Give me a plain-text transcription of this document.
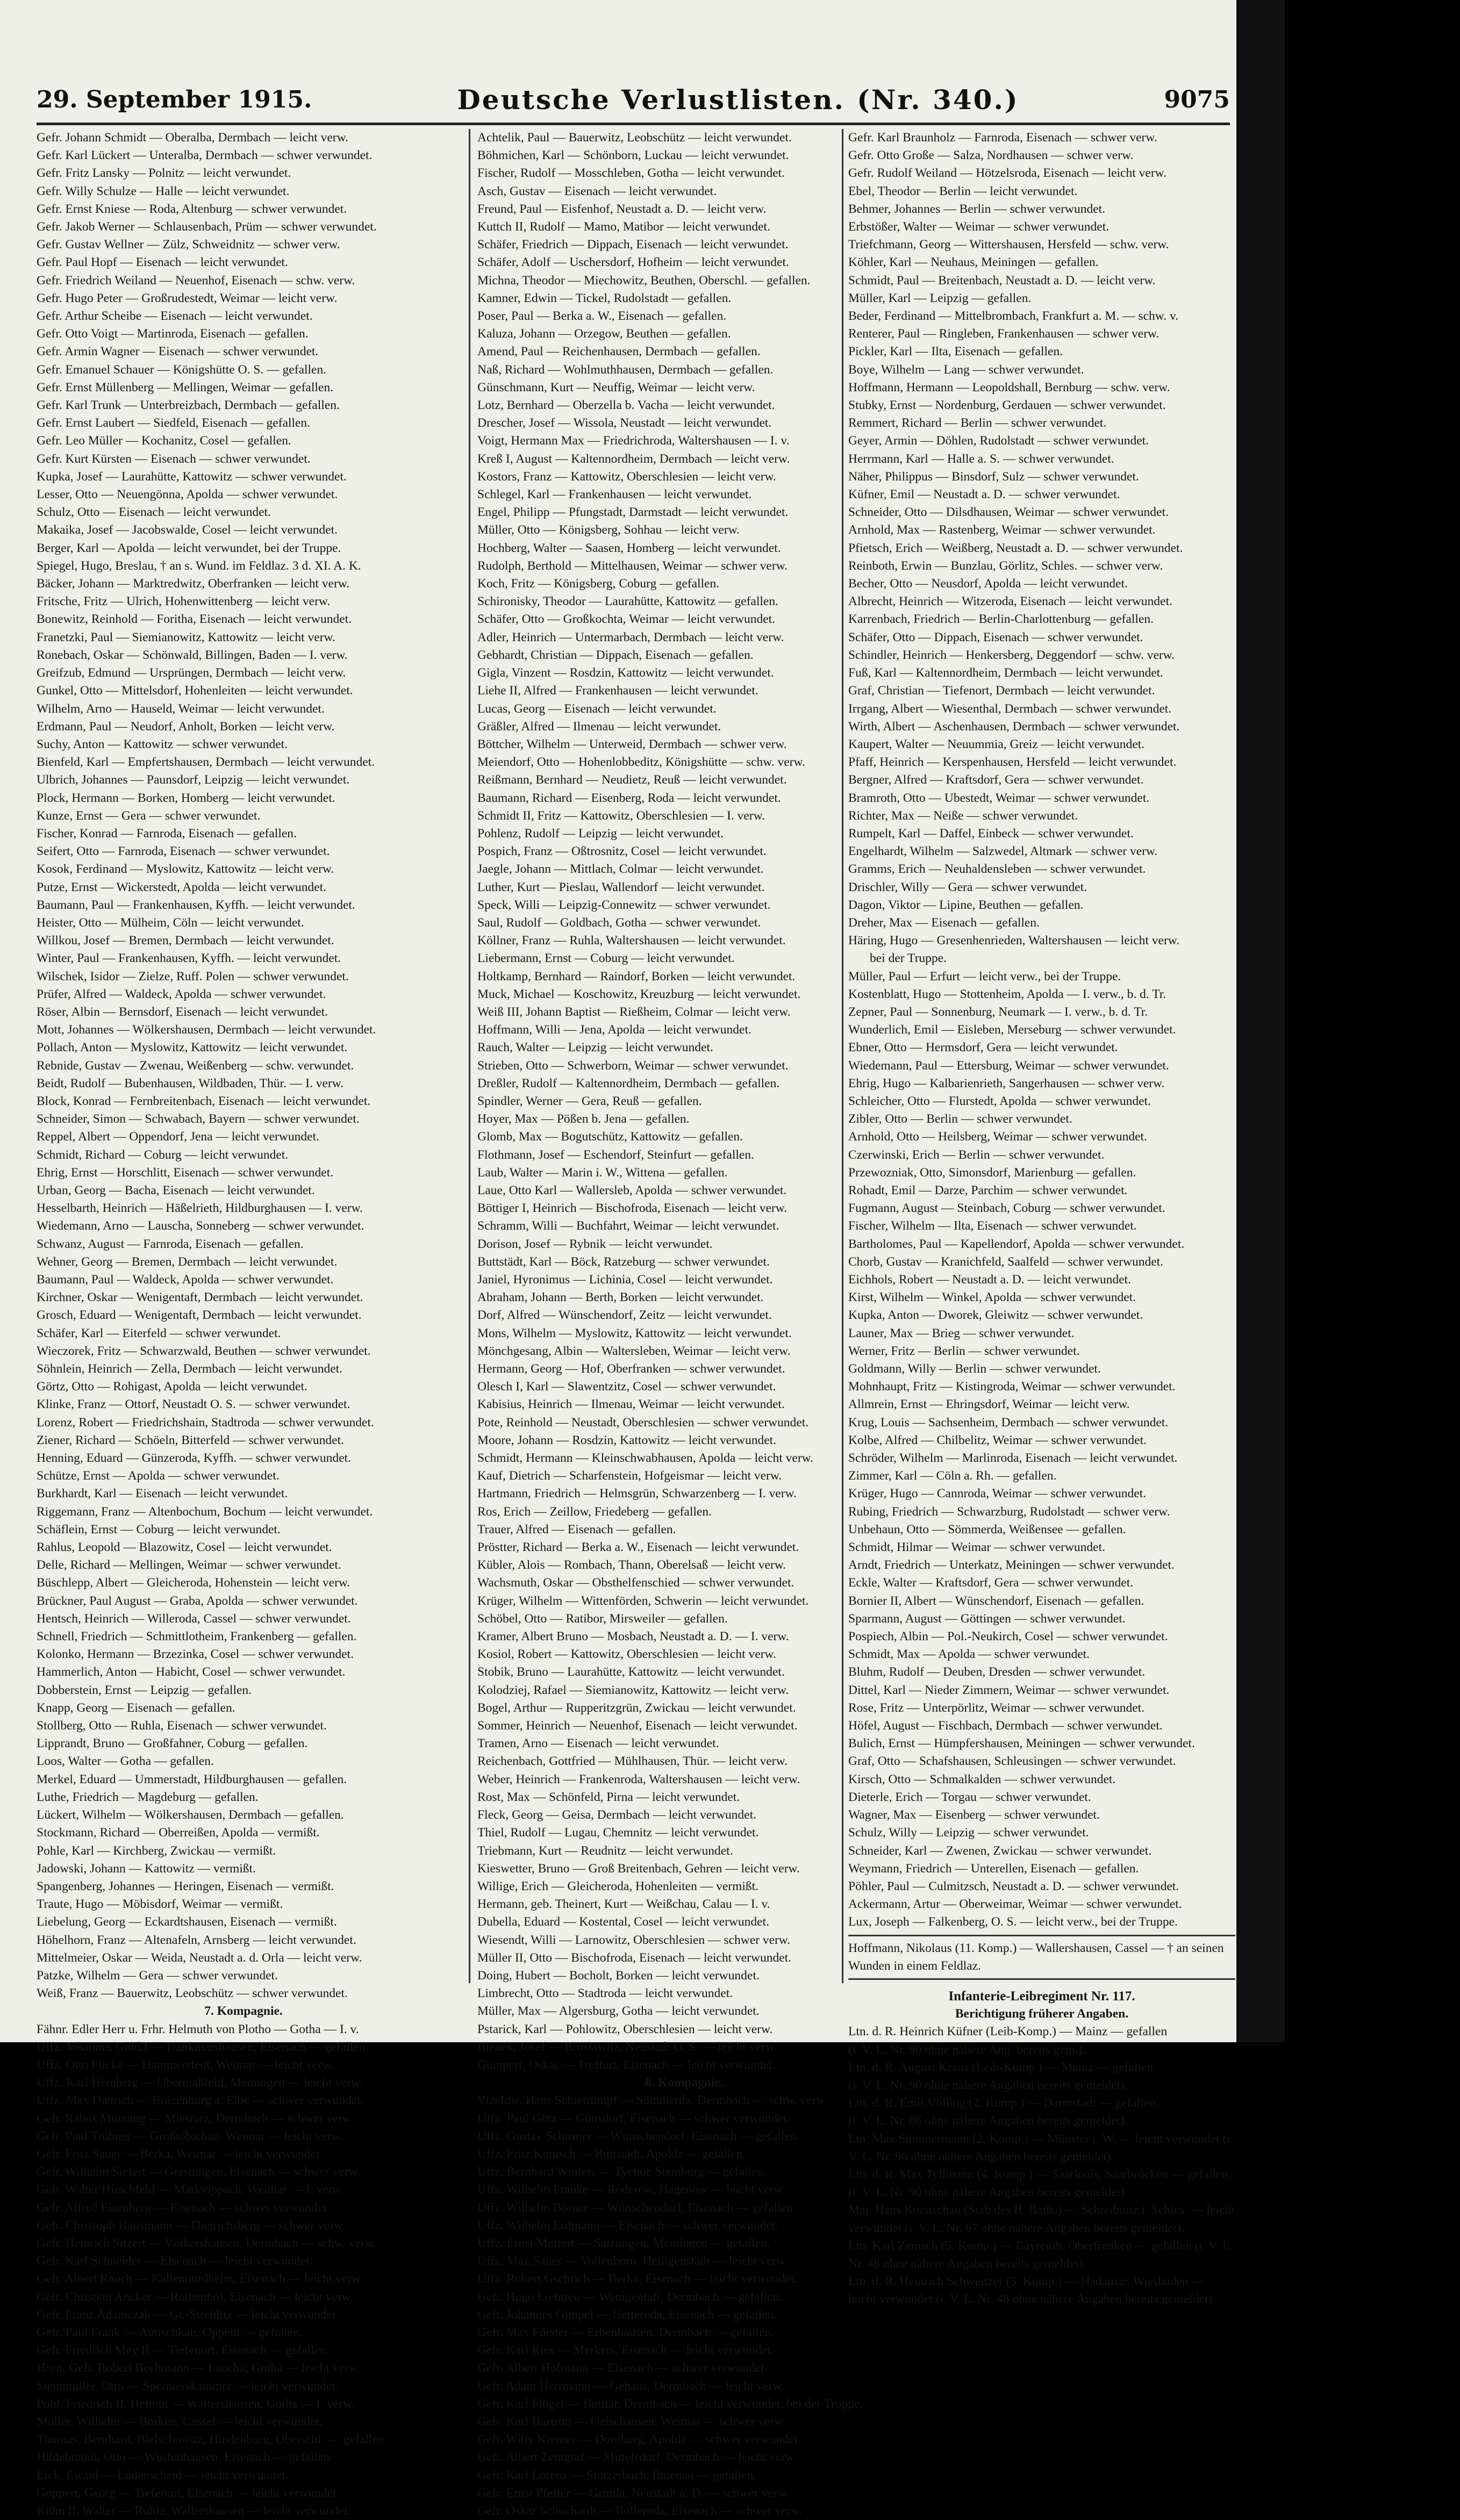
29. September 1915.	Deutsche Verlustlisten. (Nr. 340.)	9075
Gefr. Johann Schmidt — Oberalba, Dermbach — leicht verw.
Gefr. Karl Lückert — Unteralba, Dermbach — schwer verwundet.
Gefr. Fritz Lansky — Polnitz — leicht verwundet.
Gefr. Willy Schulze — Halle — leicht verwundet.
Gefr. Ernst Kniese — Roda, Altenburg — schwer verwundet.
Gefr. Jakob Werner — Schlausenbach, Prüm — schwer verwundet.
Gefr. Gustav Wellner — Zülz, Schweidnitz — schwer verw.
Gefr. Paul Hopf — Eisenach — leicht verwundet.
Gefr. Friedrich Weiland — Neuenhof, Eisenach — schw. verw.
Gefr. Hugo Peter — Großrudestedt, Weimar — leicht verw.
Gefr. Arthur Scheibe — Eisenach — leicht verwundet.
Gefr. Otto Voigt — Martinroda, Eisenach — gefallen.
Gefr. Armin Wagner — Eisenach — schwer verwundet.
Gefr. Emanuel Schauer — Königshütte O. S. — gefallen.
Gefr. Ernst Müllenberg — Mellingen, Weimar — gefallen.
Gefr. Karl Trunk — Unterbreizbach, Dermbach — gefallen.
Gefr. Ernst Laubert — Siedfeld, Eisenach — gefallen.
Gefr. Leo Müller — Kochanitz, Cosel — gefallen.
Gefr. Kurt Kürsten — Eisenach — schwer verwundet.
Kupka, Josef — Laurahütte, Kattowitz — schwer verwundet.
Lesser, Otto — Neuengönna, Apolda — schwer verwundet.
Schulz, Otto — Eisenach — leicht verwundet.
Makaika, Josef — Jacobswalde, Cosel — leicht verwundet.
Berger, Karl — Apolda — leicht verwundet, bei der Truppe.
Spiegel, Hugo, Breslau, † an s. Wund. im Feldlaz. 3 d. XI. A. K.
Bäcker, Johann — Marktredwitz, Oberfranken — leicht verw.
Fritsche, Fritz — Ulrich, Hohenwittenberg — leicht verw.
Bonewitz, Reinhold — Foritha, Eisenach — leicht verwundet.
Franetzki, Paul — Siemianowitz, Kattowitz — leicht verw.
Ronebach, Oskar — Schönwald, Billingen, Baden — I. verw.
Greifzub, Edmund — Ursprüngen, Dermbach — leicht verw.
Gunkel, Otto — Mittelsdorf, Hohenleiten — leicht verwundet.
Wilhelm, Arno — Hauseld, Weimar — leicht verwundet.
Erdmann, Paul — Neudorf, Anholt, Borken — leicht verw.
Suchy, Anton — Kattowitz — schwer verwundet.
Bienfeld, Karl — Empfertshausen, Dermbach — leicht verwundet.
Ulbrich, Johannes — Paunsdorf, Leipzig — leicht verwundet.
Plock, Hermann — Borken, Homberg — leicht verwundet.
Kunze, Ernst — Gera — schwer verwundet.
Fischer, Konrad — Farnroda, Eisenach — gefallen.
Seifert, Otto — Farnroda, Eisenach — schwer verwundet.
Kosok, Ferdinand — Myslowitz, Kattowitz — leicht verw.
Putze, Ernst — Wickerstedt, Apolda — leicht verwundet.
Baumann, Paul — Frankenhausen, Kyffh. — leicht verwundet.
Heister, Otto — Mülheim, Cöln — leicht verwundet.
Willkou, Josef — Bremen, Dermbach — leicht verwundet.
Winter, Paul — Frankenhausen, Kyffh. — leicht verwundet.
Wilschek, Isidor — Zielze, Ruff. Polen — schwer verwundet.
Prüfer, Alfred — Waldeck, Apolda — schwer verwundet.
Röser, Albin — Bernsdorf, Eisenach — leicht verwundet.
Mott, Johannes — Wölkershausen, Dermbach — leicht verwundet.
Pollach, Anton — Myslowitz, Kattowitz — leicht verwundet.
Rebnide, Gustav — Zwenau, Weißenberg — schw. verwundet.
Beidt, Rudolf — Bubenhausen, Wildbaden, Thür. — I. verw.
Block, Konrad — Fernbreitenbach, Eisenach — leicht verwundet.
Schneider, Simon — Schwabach, Bayern — schwer verwundet.
Reppel, Albert — Oppendorf, Jena — leicht verwundet.
Schmidt, Richard — Coburg — leicht verwundet.
Ehrig, Ernst — Horschlitt, Eisenach — schwer verwundet.
Urban, Georg — Bacha, Eisenach — leicht verwundet.
Hesselbarth, Heinrich — Häßelrieth, Hildburghausen — I. verw.
Wiedemann, Arno — Lauscha, Sonneberg — schwer verwundet.
Schwanz, August — Farnroda, Eisenach — gefallen.
Wehner, Georg — Bremen, Dermbach — leicht verwundet.
Baumann, Paul — Waldeck, Apolda — schwer verwundet.
Kirchner, Oskar — Wenigentaft, Dermbach — leicht verwundet.
Grosch, Eduard — Wenigentaft, Dermbach — leicht verwundet.
Schäfer, Karl — Eiterfeld — schwer verwundet.
Wieczorek, Fritz — Schwarzwald, Beuthen — schwer verwundet.
Söhnlein, Heinrich — Zella, Dermbach — leicht verwundet.
Görtz, Otto — Rohigast, Apolda — leicht verwundet.
Klinke, Franz — Ottorf, Neustadt O. S. — schwer verwundet.
Lorenz, Robert — Friedrichshain, Stadtroda — schwer verwundet.
Ziener, Richard — Schöeln, Bitterfeld — schwer verwundet.
Henning, Eduard — Günzeroda, Kyffh. — schwer verwundet.
Schütze, Ernst — Apolda — schwer verwundet.
Burkhardt, Karl — Eisenach — leicht verwundet.
Riggemann, Franz — Altenbochum, Bochum — leicht verwundet.
Schäflein, Ernst — Coburg — leicht verwundet.
Rahlus, Leopold — Blazowitz, Cosel — leicht verwundet.
Delle, Richard — Mellingen, Weimar — schwer verwundet.
Büschlepp, Albert — Gleicheroda, Hohenstein — leicht verw.
Brückner, Paul August — Graba, Apolda — schwer verwundet.
Hentsch, Heinrich — Willeroda, Cassel — schwer verwundet.
Schnell, Friedrich — Schmittlotheim, Frankenberg — gefallen.
Kolonko, Hermann — Brzezinka, Cosel — schwer verwundet.
Hammerlich, Anton — Habicht, Cosel — schwer verwundet.
Dobberstein, Ernst — Leipzig — gefallen.
Knapp, Georg — Eisenach — gefallen.
Stollberg, Otto — Ruhla, Eisenach — schwer verwundet.
Lipprandt, Bruno — Großfahner, Coburg — gefallen.
Loos, Walter — Gotha — gefallen.
Merkel, Eduard — Ummerstadt, Hildburghausen — gefallen.
Luthe, Friedrich — Magdeburg — gefallen.
Lückert, Wilhelm — Wölkershausen, Dermbach — gefallen.
Stockmann, Richard — Oberreißen, Apolda — vermißt.
Pohle, Karl — Kirchberg, Zwickau — vermißt.
Jadowski, Johann — Kattowitz — vermißt.
Spangenberg, Johannes — Heringen, Eisenach — vermißt.
Traute, Hugo — Möbisdorf, Weimar — vermißt.
Liebelung, Georg — Eckardtshausen, Eisenach — vermißt.
Höhelhorn, Franz — Altenafeln, Arnsberg — leicht verwundet.
Mittelmeier, Oskar — Weida, Neustadt a. d. Orla — leicht verw.
Patzke, Wilhelm — Gera — schwer verwundet.
Weiß, Franz — Bauerwitz, Leobschütz — schwer verwundet.
7. Kompagnie.
Fähnr. Edler Herr u. Frhr. Helmuth von Plotho — Gotha — I. v.
Uffz. Johannes Gold I — Dankmarshausen, Eisenach — gefallen.
Uffz. Otto Flicke — Hammerstedt, Weimar — leicht verw.
Uffz. Karl Hemberg — Obermaßfeld, Meiningen — leicht verw.
Uffz. Max Dietrich — Boizenburg a. Elbe — schwer verwundet.
Gefr. Rabus Mützung — Miesrarz, Dermbach — schwer verw.
Gefr. Paul Trübner — Großtöbichau, Weimar — leicht verw.
Gefr. Fritz Sauer — Berka, Weimar — leicht verwundet.
Gefr. Wilhelm Siefert — Gerstungen, Eisenach — schwer verw.
Gefr. Walter Hirschfeld — Markvippach, Weimar — I. verw.
Gefr. Alfred Eisenberg — Eisenach — schwer verwundet.
Gefr. Christoph Hausmann — Dietrichsberg — schwer verw.
Gefr. Heinrich Sitzert — Völkershausen, Dermbach — schw. verw.
Gefr. Karl Schneider — Eisenach — leicht verwundet.
Gefr. Albert Rauch — Kaltennordheim, Eisenach — leicht verw.
Gefr. Christian Ancker — Rothenhof, Eisenach — leicht verw.
Gefr. Franz Adamczak — Gr.-Strehlitz — leicht verwundet.
Gefr. Paul Frank — Autischkau, Oppeln — gefallen.
Gefr. Friedrich Mey II — Tiefenort, Eisenach — gefallen.
Horn. Gefr. Robert Bechmann — Laucha, Gotha — leicht verw.
Steinmüller, Otto — Spernierskammer — leicht verwundet.
Pohl, Friedrich II, Helmut — Waltershausen, Gotha — I. verw.
Müller, Wilhelm — Borken, Cassel — leicht verwundet.
Thomas, Bernhard, Bielschowitz, Hindenburg, Oberschl. — gefallen.
Hildebrandt, Otto — Wüstenhausen, Eisenach — gefallen.
Eick, Ewald — Lüdenscheid — leicht verwundet.
Goppert, Georg — Tiefenort, Eisenach — leicht verwundet.
Kühn II, Walter — Ruhla, Waltershausen — leicht verwundet.
Achtelik, Paul — Bauerwitz, Leobschütz — leicht verwundet.
Böhmichen, Karl — Schönborn, Luckau — leicht verwundet.
Fischer, Rudolf — Mosschleben, Gotha — leicht verwundet.
Asch, Gustav — Eisenach — leicht verwundet.
Freund, Paul — Eisfenhof, Neustadt a. D. — leicht verw.
Kuttch II, Rudolf — Mamo, Matibor — leicht verwundet.
Schäfer, Friedrich — Dippach, Eisenach — leicht verwundet.
Schäfer, Adolf — Uschersdorf, Hofheim — leicht verwundet.
Michna, Theodor — Miechowitz, Beuthen, Oberschl. — gefallen.
Kamner, Edwin — Tickel, Rudolstadt — gefallen.
Poser, Paul — Berka a. W., Eisenach — gefallen.
Kaluza, Johann — Orzegow, Beuthen — gefallen.
Amend, Paul — Reichenhausen, Dermbach — gefallen.
Naß, Richard — Wohlmuthhausen, Dermbach — gefallen.
Günschmann, Kurt — Neuffig, Weimar — leicht verw.
Lotz, Bernhard — Oberzella b. Vacha — leicht verwundet.
Drescher, Josef — Wissola, Neustadt — leicht verwundet.
Voigt, Hermann Max — Friedrichroda, Waltershausen — I. v.
Kreß I, August — Kaltennordheim, Dermbach — leicht verw.
Kostors, Franz — Kattowitz, Oberschlesien — leicht verw.
Schlegel, Karl — Frankenhausen — leicht verwundet.
Engel, Philipp — Pfungstadt, Darmstadt — leicht verwundet.
Müller, Otto — Königsberg, Sohhau — leicht verw.
Hochberg, Walter — Saasen, Homberg — leicht verwundet.
Rudolph, Berthold — Mittelhausen, Weimar — schwer verw.
Koch, Fritz — Königsberg, Coburg — gefallen.
Schironisky, Theodor — Laurahütte, Kattowitz — gefallen.
Schäfer, Otto — Großkochta, Weimar — leicht verwundet.
Adler, Heinrich — Untermarbach, Dermbach — leicht verw.
Gebhardt, Christian — Dippach, Eisenach — gefallen.
Gigla, Vinzent — Rosdzin, Kattowitz — leicht verwundet.
Liehe II, Alfred — Frankenhausen — leicht verwundet.
Lucas, Georg — Eisenach — leicht verwundet.
Gräßler, Alfred — Ilmenau — leicht verwundet.
Böttcher, Wilhelm — Unterweid, Dermbach — schwer verw.
Meiendorf, Otto — Hohenlobbeditz, Königshütte — schw. verw.
Reißmann, Bernhard — Neudietz, Reuß — leicht verwundet.
Baumann, Richard — Eisenberg, Roda — leicht verwundet.
Schmidt II, Fritz — Kattowitz, Oberschlesien — I. verw.
Pohlenz, Rudolf — Leipzig — leicht verwundet.
Pospich, Franz — Oßtrosnitz, Cosel — leicht verwundet.
Jaegle, Johann — Mittlach, Colmar — leicht verwundet.
Luther, Kurt — Pieslau, Wallendorf — leicht verwundet.
Speck, Willi — Leipzig-Connewitz — schwer verwundet.
Saul, Rudolf — Goldbach, Gotha — schwer verwundet.
Köllner, Franz — Ruhla, Waltershausen — leicht verwundet.
Liebermann, Ernst — Coburg — leicht verwundet.
Holtkamp, Bernhard — Raindorf, Borken — leicht verwundet.
Muck, Michael — Koschowitz, Kreuzburg — leicht verwundet.
Weiß III, Johann Baptist — Rießheim, Colmar — leicht verw.
Hoffmann, Willi — Jena, Apolda — leicht verwundet.
Rauch, Walter — Leipzig — leicht verwundet.
Strieben, Otto — Schwerborn, Weimar — schwer verwundet.
Dreßler, Rudolf — Kaltennordheim, Dermbach — gefallen.
Spindler, Werner — Gera, Reuß — gefallen.
Hoyer, Max — Pößen b. Jena — gefallen.
Glomb, Max — Bogutschütz, Kattowitz — gefallen.
Flothmann, Josef — Eschendorf, Steinfurt — gefallen.
Laub, Walter — Marin i. W., Wittena — gefallen.
Laue, Otto Karl — Wallersleb, Apolda — schwer verwundet.
Böttiger I, Heinrich — Bischofroda, Eisenach — leicht verw.
Schramm, Willi — Buchfahrt, Weimar — leicht verwundet.
Dorison, Josef — Rybnik — leicht verwundet.
Buttstädt, Karl — Böck, Ratzeburg — schwer verwundet.
Janiel, Hyronimus — Lichinia, Cosel — leicht verwundet.
Abraham, Johann — Berth, Borken — leicht verwundet.
Dorf, Alfred — Wünschendorf, Zeitz — leicht verwundet.
Mons, Wilhelm — Myslowitz, Kattowitz — leicht verwundet.
Mönchgesang, Albin — Waltersleben, Weimar — leicht verw.
Hermann, Georg — Hof, Oberfranken — schwer verwundet.
Olesch I, Karl — Slawentzitz, Cosel — schwer verwundet.
Kabisius, Heinrich — Ilmenau, Weimar — leicht verwundet.
Pote, Reinhold — Neustadt, Oberschlesien — schwer verwundet.
Moore, Johann — Rosdzin, Kattowitz — leicht verwundet.
Schmidt, Hermann — Kleinschwabhausen, Apolda — leicht verw.
Kauf, Dietrich — Scharfenstein, Hofgeismar — leicht verw.
Hartmann, Friedrich — Helmsgrün, Schwarzenberg — I. verw.
Ros, Erich — Zeillow, Friedeberg — gefallen.
Trauer, Alfred — Eisenach — gefallen.
Pröstter, Richard — Berka a. W., Eisenach — leicht verwundet.
Kübler, Alois — Rombach, Thann, Oberelsaß — leicht verw.
Wachsmuth, Oskar — Obsthelfenschied — schwer verwundet.
Krüger, Wilhelm — Wittenförden, Schwerin — leicht verwundet.
Schöbel, Otto — Ratibor, Mirsweiler — gefallen.
Kramer, Albert Bruno — Mosbach, Neustadt a. D. — I. verw.
Kosiol, Robert — Kattowitz, Oberschlesien — leicht verw.
Stobik, Bruno — Laurahütte, Kattowitz — leicht verwundet.
Kolodziej, Rafael — Siemianowitz, Kattowitz — leicht verw.
Bogel, Arthur — Rupperitzgrün, Zwickau — leicht verwundet.
Sommer, Heinrich — Neuenhof, Eisenach — leicht verwundet.
Tramen, Arno — Eisenach — leicht verwundet.
Reichenbach, Gottfried — Mühlhausen, Thür. — leicht verw.
Weber, Heinrich — Frankenroda, Waltershausen — leicht verw.
Rost, Max — Schönfeld, Pirna — leicht verwundet.
Fleck, Georg — Geisa, Dermbach — leicht verwundet.
Thiel, Rudolf — Lugau, Chemnitz — leicht verwundet.
Triebmann, Kurt — Reudnitz — leicht verwundet.
Kieswetter, Bruno — Groß Breitenbach, Gehren — leicht verw.
Willige, Erich — Gleicheroda, Hohenleiten — vermißt.
Hermann, geb. Theinert, Kurt — Weißchau, Calau — I. v.
Dubella, Eduard — Kostental, Cosel — leicht verwundet.
Wiesendt, Willi — Larnowitz, Oberschlesien — schwer verw.
Müller II, Otto — Bischofroda, Eisenach — leicht verwundet.
Doing, Hubert — Bocholt, Borken — leicht verwundet.
Limbrecht, Otto — Stadtroda — leicht verwundet.
Müller, Max — Algersburg, Gotha — leicht verwundet.
Pstarick, Karl — Pohlowitz, Oberschlesien — leicht verw.
Bienek, Josef — Broslawitz, Neustadt O. S. — leicht verw.
Gumpert, Oskar — Treffurt, Eisenach — leicht verwundet.
8. Kompagnie.
Vizefdw. Hans Schietrumpf — Sömmerda, Dermbach — schw. verw.
Uffz. Paul Götz — Günsdorf, Eisenach — schwer verwundet.
Uffz. Gustav Schirmer — Wünschendorf, Eisenach — gefallen.
Uffz. Fritz Kunisch — Buttstädt, Apolda — gefallen.
Uffz. Bernhard Winters — Tyehoe Steinburg — gefallen.
Uffz. Wilhelm Franke — Roderow, Hagenow — leicht verw.
Uffz. Wilhelm Börner — Wünschendorf, Eisenach — gefallen.
Uffz. Wilhelm Erdmann — Eisenach — schwer verwundet.
Uffz. Ernst Meffert — Salzungen, Meiningen — gefallen.
Uffz. Max Sauer — Vollenborn, Heiligenstadt — leicht verw.
Uffz. Robert Gschrich — Berka, Eisenach — leicht verwundet.
Gefr. Hugo Liebtreu — Wenigentaft, Dermbach — gefallen.
Gefr. Johannes Gimpel — Uetteroda, Eisenach — gefallen.
Gefr. Max Förster — Erbenhausen, Dermbach — gefallen.
Gefr. Karl Ries — Merkers, Eisenach — leicht verwundet.
Gefr. Albert Hofmann — Eisenach — schwer verwundet.
Gefr. Adam Herrmann — Gehaus, Dermbach — leicht verw.
Gefr. Karl Flügel — Buttlar, Dermbach — leicht verwundet, bei der Truppe.
Gefr. Karl Hartrott — Oelschausen, Weimar — schwer verw.
Gefr. Willy Kremer — Dornburg, Apolda — schwer verwundet.
Gefr. Albert Zentgraf — Mittelsdorf, Dermbach — leicht verw.
Gefr. Karl Lorenz — Stützerbach, Ilmenau — gefallen.
Gefr. Ernst Pfeifer — Grimla, Neustadt a. D. — schwer verw.
Gefr. Oskar Schuchardt — Bolleroda, Eisenach — schwer verw.
Gefr. Karl Braunholz — Farnroda, Eisenach — schwer verw.
Gefr. Otto Große — Salza, Nordhausen — schwer verw.
Gefr. Rudolf Weiland — Hötzelsroda, Eisenach — leicht verw.
Ebel, Theodor — Berlin — leicht verwundet.
Behmer, Johannes — Berlin — schwer verwundet.
Erbstößer, Walter — Weimar — schwer verwundet.
Triefchmann, Georg — Wittershausen, Hersfeld — schw. verw.
Köhler, Karl — Neuhaus, Meiningen — gefallen.
Schmidt, Paul — Breitenbach, Neustadt a. D. — leicht verw.
Müller, Karl — Leipzig — gefallen.
Beder, Ferdinand — Mittelbrombach, Frankfurt a. M. — schw. v.
Renterer, Paul — Ringleben, Frankenhausen — schwer verw.
Pickler, Karl — Ilta, Eisenach — gefallen.
Boye, Wilhelm — Lang — schwer verwundet.
Hoffmann, Hermann — Leopoldshall, Bernburg — schw. verw.
Stubky, Ernst — Nordenburg, Gerdauen — schwer verwundet.
Remmert, Richard — Berlin — schwer verwundet.
Geyer, Armin — Döhlen, Rudolstadt — schwer verwundet.
Herrmann, Karl — Halle a. S. — schwer verwundet.
Näher, Philippus — Binsdorf, Sulz — schwer verwundet.
Küfner, Emil — Neustadt a. D. — schwer verwundet.
Schneider, Otto — Dilsdhausen, Weimar — schwer verwundet.
Arnhold, Max — Rastenberg, Weimar — schwer verwundet.
Pfietsch, Erich — Weißberg, Neustadt a. D. — schwer verwundet.
Reinboth, Erwin — Bunzlau, Görlitz, Schles. — schwer verw.
Becher, Otto — Neusdorf, Apolda — leicht verwundet.
Albrecht, Heinrich — Witzeroda, Eisenach — leicht verwundet.
Karrenbach, Friedrich — Berlin-Charlottenburg — gefallen.
Schäfer, Otto — Dippach, Eisenach — schwer verwundet.
Schindler, Heinrich — Henkersberg, Deggendorf — schw. verw.
Fuß, Karl — Kaltennordheim, Dermbach — leicht verwundet.
Graf, Christian — Tiefenort, Dermbach — leicht verwundet.
Irrgang, Albert — Wiesenthal, Dermbach — schwer verwundet.
Wirth, Albert — Aschenhausen, Dermbach — schwer verwundet.
Kaupert, Walter — Neuummia, Greiz — leicht verwundet.
Pfaff, Heinrich — Kerspenhausen, Hersfeld — leicht verwundet.
Bergner, Alfred — Kraftsdorf, Gera — schwer verwundet.
Bramroth, Otto — Ubestedt, Weimar — schwer verwundet.
Richter, Max — Neiße — schwer verwundet.
Rumpelt, Karl — Daffel, Einbeck — schwer verwundet.
Engelhardt, Wilhelm — Salzwedel, Altmark — schwer verw.
Gramms, Erich — Neuhaldensleben — schwer verwundet.
Drischler, Willy — Gera — schwer verwundet.
Dagon, Viktor — Lipine, Beuthen — gefallen.
Dreher, Max — Eisenach — gefallen.
Häring, Hugo — Gresenhenrieden, Waltershausen — leicht verw.
bei der Truppe.
Müller, Paul — Erfurt — leicht verw., bei der Truppe.
Kostenblatt, Hugo — Stottenheim, Apolda — I. verw., b. d. Tr.
Zepner, Paul — Sonnenburg, Neumark — I. verw., b. d. Tr.
Wunderlich, Emil — Eisleben, Merseburg — schwer verwundet.
Ebner, Otto — Hermsdorf, Gera — leicht verwundet.
Wiedemann, Paul — Ettersburg, Weimar — schwer verwundet.
Ehrig, Hugo — Kalbarienrieth, Sangerhausen — schwer verw.
Schleicher, Otto — Flurstedt, Apolda — schwer verwundet.
Zibler, Otto — Berlin — schwer verwundet.
Arnhold, Otto — Heilsberg, Weimar — schwer verwundet.
Czerwinski, Erich — Berlin — schwer verwundet.
Przewozniak, Otto, Simonsdorf, Marienburg — gefallen.
Rohadt, Emil — Darze, Parchim — schwer verwundet.
Fugmann, August — Steinbach, Coburg — schwer verwundet.
Fischer, Wilhelm — Ilta, Eisenach — schwer verwundet.
Bartholomes, Paul — Kapellendorf, Apolda — schwer verwundet.
Chorb, Gustav — Kranichfeld, Saalfeld — schwer verwundet.
Eichhols, Robert — Neustadt a. D. — leicht verwundet.
Kirst, Wilhelm — Winkel, Apolda — schwer verwundet.
Kupka, Anton — Dworek, Gleiwitz — schwer verwundet.
Launer, Max — Brieg — schwer verwundet.
Werner, Fritz — Berlin — schwer verwundet.
Goldmann, Willy — Berlin — schwer verwundet.
Mohnhaupt, Fritz — Kistingroda, Weimar — schwer verwundet.
Allmrein, Ernst — Ehringsdorf, Weimar — leicht verw.
Krug, Louis — Sachsenheim, Dermbach — schwer verwundet.
Kolbe, Alfred — Chilbelitz, Weimar — schwer verwundet.
Schröder, Wilhelm — Marlinroda, Eisenach — leicht verwundet.
Zimmer, Karl — Cöln a. Rh. — gefallen.
Krüger, Hugo — Cannroda, Weimar — schwer verwundet.
Rubing, Friedrich — Schwarzburg, Rudolstadt — schwer verw.
Unbehaun, Otto — Sömmerda, Weißensee — gefallen.
Schmidt, Hilmar — Weimar — schwer verwundet.
Arndt, Friedrich — Unterkatz, Meiningen — schwer verwundet.
Eckle, Walter — Kraftsdorf, Gera — schwer verwundet.
Bornier II, Albert — Wünschendorf, Eisenach — gefallen.
Sparmann, August — Göttingen — schwer verwundet.
Pospiech, Albin — Pol.-Neukirch, Cosel — schwer verwundet.
Schmidt, Max — Apolda — schwer verwundet.
Bluhm, Rudolf — Deuben, Dresden — schwer verwundet.
Dittel, Karl — Nieder Zimmern, Weimar — schwer verwundet.
Rose, Fritz — Unterpörlitz, Weimar — schwer verwundet.
Höfel, August — Fischbach, Dermbach — schwer verwundet.
Bulich, Ernst — Hümpfershausen, Meiningen — schwer verwundet.
Graf, Otto — Schafshausen, Schleusingen — schwer verwundet.
Kirsch, Otto — Schmalkalden — schwer verwundet.
Dieterle, Erich — Torgau — schwer verwundet.
Wagner, Max — Eisenberg — schwer verwundet.
Schulz, Willy — Leipzig — schwer verwundet.
Schneider, Karl — Zwenen, Zwickau — schwer verwundet.
Weymann, Friedrich — Unterellen, Eisenach — gefallen.
Pöhler, Paul — Culmitzsch, Neustadt a. D. — schwer verwundet.
Ackermann, Artur — Oberweimar, Weimar — schwer verwundet.
Lux, Joseph — Falkenberg, O. S. — leicht verw., bei der Truppe.
Hoffmann, Nikolaus (11. Komp.) — Wallershausen, Cassel — † an seinen Wunden in einem Feldlaz.
Infanterie-Leibregiment Nr. 117.
Berichtigung früherer Angaben.
Ltn. d. R. Heinrich Küfner (Leib-Komp.) — Mainz — gefallen
(i. V. L. Nr. 90 ohne nähere Ang. bereits gem.).
Ltn. d. R. August Kraus (Leib-Komp.) — Mainz — gefallen
(i. V. L. Nr. 90 ohne nähere Angaben bereits gemeldet).
Ltn. d. R. Emil Völling (2. Komp.) — Darmstadt — gefallen
(i. V. L. Nr. 86 ohne nähere Angaben bereits gemeldet).
Ltn. Max Sümmermann (2. Komp.) — Münster i. W. — leicht verwundet (i. V. L. Nr. 90 ohne nähere Angaben bereits gemeldet).
Ltn. d. R. Max Tyllmann (4. Komp.) — Saarlouis, Saarbrücken — gefallen (i. V. L. Nr. 90 ohne nähere Angaben bereits gemeldet).
Maj. Hans Koettschau (Stab des II. Batls.) — Schreibnitz i. Schles. — leicht verwundet (i. V. L. Nr. 67 ohne nähere Angaben bereits gemeldet).
Ltn. Karl Zemsch (5. Komp.) — Bayreuth, Oberfranken — gefallen (i. V. L. Nr. 48 ohne nähere Angaben bereits gemeldet).
Ltn. d. R. Heinrich Schweitzer (5. Komp.) — Hadamar, Wiesbaden — leicht verwundet (i. V. L. Nr. 48 ohne nähere Angaben bereits gemeldet).
